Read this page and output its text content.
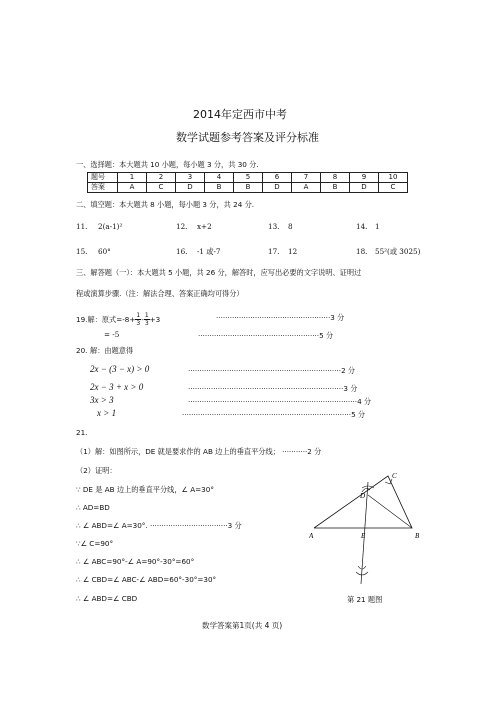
2014年定西市中考
数学试题参考答案及评分标准
一、选择题：本大题共 10 小题，每小题 3 分，共 30 分.
题号	1	2	3	4	5	6	7	8	9	10
答案	A	C	D	B	B	D	A	B	D	C
二、填空题：本大题共 8 小题，每小题 3 分，共 24 分.
11. 2(a-1)²	12. x+2	13. 8	14. 1
15. 60°	16. -1 或-7	17. 12	18. 55²(或 3025)
三、解答题（一）：本大题共 5 小题，共 26 分，解答时，应写出必要的文字说明、证明过
程或演算步骤.（注：解法合理、答案正确均可得分）
19. 解：原式$=-8+ \frac{1}{3} - \frac{1}{3} +3$	··················································3 分
= -5	·····················································5 分
20. 解：由题意得
2x − (3 − x) > 0	···································································2 分
2x − 3 + x > 0	····································································3 分
3x > 3	··········································································4 分
x > 1	··········································································5 分
21.
（1）解：如图所示，DE 就是要求作的 AB 边上的垂直平分线； ···········2 分
（2）证明：
∵ DE 是 AB 边上的垂直平分线，∠ A=30°
∴ AD=BD
∴ ∠ ABD=∠ A=30°. ··································3 分
∵∠ C=90°
∴ ∠ ABC=90°-∠ A=90°-30°=60°
∴ ∠ CBD=∠ ABC-∠ ABD=60°-30°=30°
∴ ∠ ABD=∠ CBD
C
D
A	E	B
第 21 题图
数学答案第1页(共 4 页)
